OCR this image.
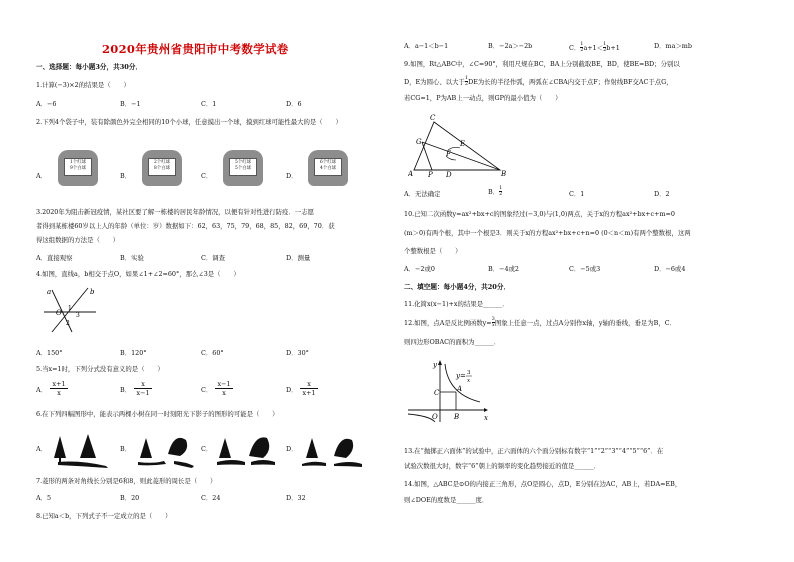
2020年贵州省贵阳市中考数学试卷
一、选择题：每小题3分，共30分．
1.计算(−3)×2的结果是（　　）
A．−6	B．−1	C．1	D．6
2.下列4个袋子中，装有除颜色外完全相同的10个小球，任意摸出一个球，摸到红球可能性最大的是（　　）
A．
1个红球
9个白球
B．
2个红球
8个白球
C．
5个红球
5个白球
D．
6个红球
4个白球
3.2020年为阻击新冠疫情，某社区要了解一栋楼的居民年龄情况，以便有针对性进行防疫．一志愿
者得到某栋楼60岁以上人的年龄（单位：岁）数据如下：62，63，75，79，68，85，82，69，70．获
得这组数据的方法是（　　）
A．直接观察	B．实验	C．调查	D．测量
4.如图，直线a，b相交于点O，如果∠1+∠2=60°，那么∠3是（　　）
a	b
O
1
3
2
A．150°	B．120°	C．60°	D．30°
5.当x=1时，下列分式没有意义的是（　　）
A．
x+1
x	B．
x
x−1	C．
x−1
x	D．
x
x+1
6.在下列四幅图形中，能表示两棵小树在同一时刻阳光下影子的图形的可能是（　　）
A．	B．	C．	D．
7.菱形的两条对角线长分别是6和8，则此菱形的周长是（　　）
A．5	B．20	C．24	D．32
8.已知a＜b，下列式子不一定成立的是（　　）
A．a−1＜b−1	B．−2a＞−2b	C． $\frac{1}{2} a+1< \frac{1}{2} b+1$	D．ma＞mb
9.如图，Rt△ABC中，∠C=90°，利用尺规在BC，BA上分别截取BE，BD，使BE=BD；分别以
D，E为圆心、以大于 $\frac{1}{2}$ DE为长的半径作弧，两弧在∠CBA内交于点F；作射线BF交AC于点G，
若CG=1，P为AB上一动点，则GP的最小值为（　　）
C
G	E
F
A P D	B
A．无法确定	B． $\frac{1}{2}$	C．1	D．2
10.已知二次函数y=ax²+bx+c的图象经过(−3,0)与(1,0)两点，关于x的方程ax²+bx+c+m=0
(m＞0)有两个根，其中一个根是3．则关于x的方程ax²+bx+c+n=0 (0＜n＜m)有两个整数根，这两
个整数根是（　　）
A．−2或0	B．−4或2	C．−5或3	D．−6或4
二、填空题：每小题4分，共20分．
11.化简x(x−1)+x的结果是______．
12.如图，点A是反比例函数$y= \frac{3}{x}$ 图象上任意一点，过点A分别作x轴，y轴的垂线，垂足为B，C．
则四边形OBAC的面积为______．
y
x
y= 3
x
A
C
B
O
13.在“抛掷正六面体”的试验中，正六面体的六个面分别标有数字“1”“2”“3”“4”“5”“6”．在
试验次数很大时，数字“6”朝上的频率的变化趋势接近的值是______．
14.如图，△ABC是⊙O的内接正三角形，点O是圆心，点D，E分别在边AC，AB上，若DA=EB，
则∠DOE的度数是______度．
